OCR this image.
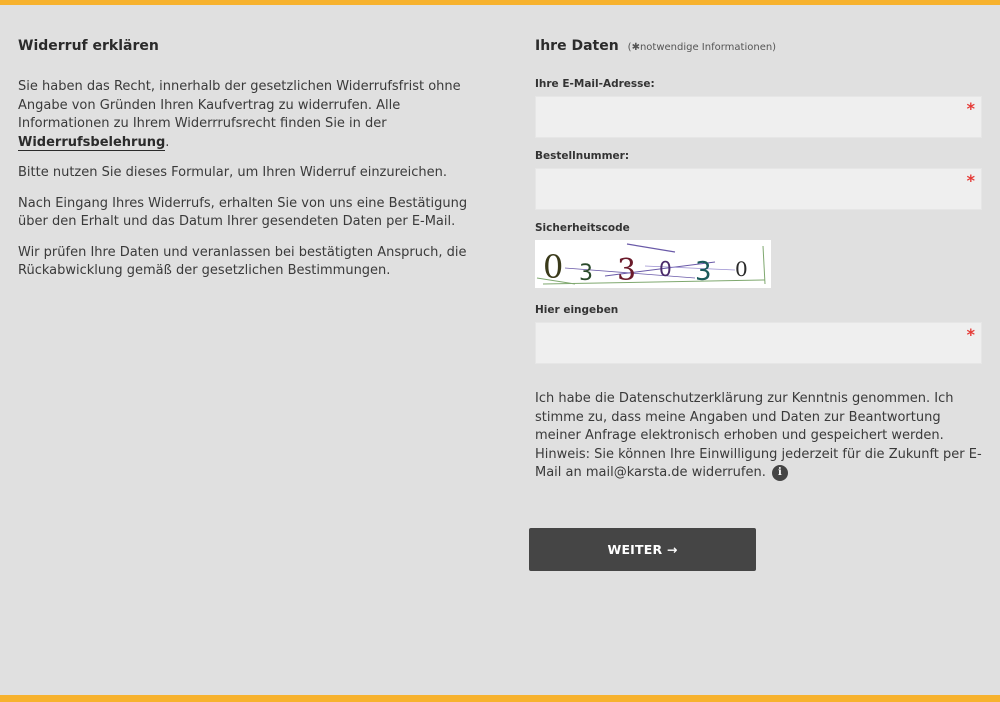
Widerruf erklären

Sie haben das Recht, innerhalb der gesetzlichen Widerrufsfrist ohne Angabe von Gründen Ihren Kaufvertrag zu widerrufen. Alle Informationen zu Ihrem Widerrrufsrecht finden Sie in der Widerrufsbelehrung.

Bitte nutzen Sie dieses Formular, um Ihren Widerruf einzureichen.

Nach Eingang Ihres Widerrufs, erhalten Sie von uns eine Bestätigung über den Erhalt und das Datum Ihrer gesendeten Daten per E-Mail.

Wir prüfen Ihre Daten und veranlassen bei bestätigten Anspruch, die Rückabwicklung gemäß der gesetzlichen Bestimmungen.

Ihre Daten (✱notwendige Informationen)
Ihre E-Mail-Adresse:
*
Bestellnummer:
*
Sicherheitscode
0 3 3 0 3 0
Hier eingeben
*
Ich habe die Datenschutzerklärung zur Kenntnis genommen. Ich stimme zu, dass meine Angaben und Daten zur Beantwortung meiner Anfrage elektronisch erhoben und gespeichert werden. Hinweis: Sie können Ihre Einwilligung jederzeit für die Zukunft per E-Mail an mail@karsta.de widerrufen. i
WEITER →
